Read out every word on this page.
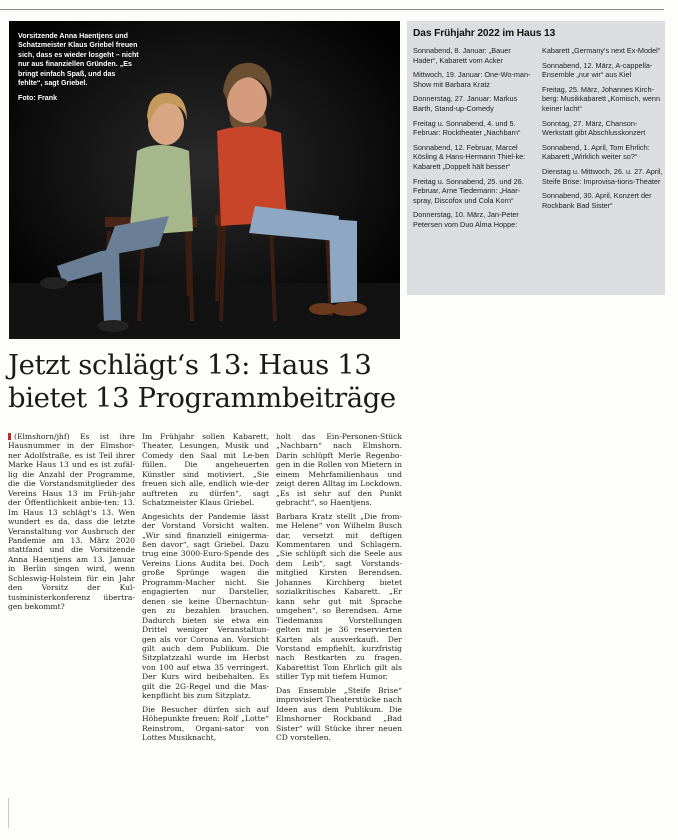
Vorsitzende Anna Haentjens und Schatzmeister Klaus Griebel freuen sich, dass es wieder losgeht – nicht nur aus finanziellen Gründen. „Es bringt einfach Spaß, und das fehlte“, sagt Griebel.
Foto: Frank
Das Frühjahr 2022 im Haus 13
Sonnabend, 8. Januar: „Bauer Hader“, Kabarett vom Acker
Mittwoch, 19. Januar: One-Wo-man-Show mit Barbara Kratz
Donnerstag, 27. Januar: Markus Barth, Stand-up-Comedy
Freitag u. Sonnabend, 4. und 5. Februar: Rocktheater „Nachbarn“
Sonnabend, 12. Februar, Marcel Kösling & Hans-Hermann Thiel-ke: Kabarett „Doppelt hält besser“
Freitag u. Sonnabend, 25. und 26. Februar, Arne Tiedemann: „Haar-spray, Discofox und Cola Korn“
Donnerstag, 10. März, Jan-Peter Petersen vom Duo Alma Hoppe:
Kabarett „Germany's next Ex-Model“
Sonnabend, 12. März, A-cappella-Ensemble „nur wir“ aus Kiel
Freitag, 25. März, Johannes Kirch-berg: Musikkabarett „Komisch, wenn keiner lacht“
Sonntag, 27. März, Chanson-Werkstatt gibt Abschlusskonzert
Sonnabend, 1. April, Tom Ehrlich: Kabarett „Wirklich weiter so?“
Dienstag u. Mittwoch, 26. u. 27. April, Steife Brise: Improvisa-tions-Theater
Sonnabend, 30. April, Konzert der Rockbank Bad Sister“
Jetzt schlägt‘s 13: Haus 13 bietet 13 Programmbeiträge

(Elmshorn/jhf) Es ist ihre Hausnummer in der Elmshor-ner Adolfstraße, es ist Teil ihrer Marke Haus 13 und es ist zufäl-lig die Anzahl der Programme, die die Vorstandsmitglieder des Vereins Haus 13 im Früh-jahr der Öffentlichkeit anbie-ten: 13. Im Haus 13 schlägt‘s 13. Wen wundert es da, dass die letzte Veranstaltung vor Ausbruch der Pandemie am 13. März 2020 stattfand und die Vorsitzende Anna Haentjens am 13. Januar in Berlin singen wird, wenn Schleswig-Holstein für ein Jahr den Vorsitz der Kul-tusministerkonferenz übertra-gen bekommt?

Im Frühjahr sollen Kabarett, Theater, Lesungen, Musik und Comedy den Saal mit Le-ben füllen. Die angeheuerten Künstler sind motiviert. „Sie freuen sich alle, endlich wie-der auftreten zu dürfen“, sagt Schatzmeister Klaus Griebel.

Angesichts der Pandemie lässt der Vorstand Vorsicht walten. „Wir sind finanziell einigerma-ßen davor“, sagt Griebel. Dazu trug eine 3000-Euro-Spende des Vereins Lions Audita bei. Doch große Sprünge wagen die Programm-Macher nicht. Sie engagierten nur Darsteller, denen sie keine Übernachtun-gen zu bezahlen brauchen. Dadurch bieten sie etwa ein Drittel weniger Veranstaltun-gen als vor Corona an. Vorsicht gilt auch dem Publikum. Die Sitzplatzzahl wurde im Herbst von 100 auf etwa 35 verringert. Der Kurs wird beibehalten. Es gilt die 2G-Regel und die Mas-kenpflicht bis zum Sitzplatz.

Die Besucher dürfen sich auf Höhepunkte freuen: Rolf „Lotte“ Reinstrom, Organi-sator von Lottes Musiknacht,

holt das Ein-Personen-Stück „Nachbarn“ nach Elmshorn. Darin schlüpft Merle Regenbo-gen in die Rollen von Mietern in einem Mehrfamilienhaus und zeigt deren Alltag im Lockdown. „Es ist sehr auf den Punkt gebracht“, so Haentjens.

Barbara Kratz stellt „Die from-me Helene“ von Wilhelm Busch dar, versetzt mit deftigen Kommentaren und Schlagern. „Sie schlüpft sich die Seele aus dem Leib“, sagt Vorstands-mitglied Kirsten Berendsen. Johannes Kirchberg bietet sozialkritisches Kabarett. „Er kann sehr gut mit Sprache umgehen“, so Berendsen. Arne Tiedemanns Vorstellungen gelten mit je 36 reservierten Karten als ausverkauft. Der Vorstand empfiehlt, kurzfristig nach Restkarten zu fragen. Kabarettist Tom Ehrlich gilt als stiller Typ mit tiefem Humor.

Das Ensemble „Steife Brise“ improvisiert Theaterstücke nach Ideen aus dem Publikum. Die Elmshorner Rockband „Bad Sister“ will Stücke ihrer neuen CD vorstellen.
